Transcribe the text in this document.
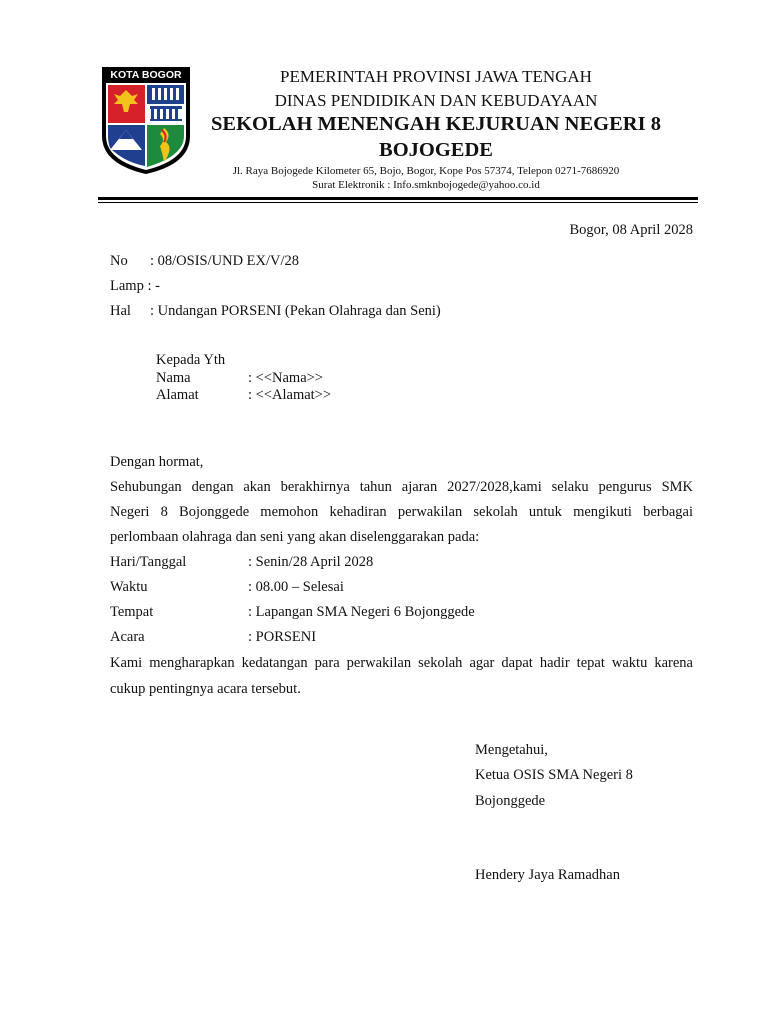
KOTA BOGOR	PEMERINTAH PROVINSI JAWA TENGAH
DINAS PENDIDIKAN DAN KEBUDAYAAN
SEKOLAH MENENGAH KEJURUAN NEGERI 8
BOJOGEDE
Jl. Raya Bojogede Kilometer 65, Bojo, Bogor, Kope Pos 57374, Telepon 0271-7686920
Surat Elektronik : Info.smknbojogede@yahoo.co.id
Bogor, 08 April 2028
No : 08/OSIS/UND EX/V/28
Lamp : -
Hal : Undangan PORSENI (Pekan Olahraga dan Seni)
Kepada Yth
Nama	: <<Nama>>
Alamat	: <<Alamat>>
Dengan hormat,
Sehubungan dengan akan berakhirnya tahun ajaran 2027/2028,kami selaku pengurus SMK
Negeri 8 Bojonggede memohon kehadiran perwakilan sekolah untuk mengikuti berbagai
perlombaan olahraga dan seni yang akan diselenggarakan pada:
Hari/Tanggal	: Senin/28 April 2028
Waktu	: 08.00 – Selesai
Tempat	: Lapangan SMA Negeri 6 Bojonggede
Acara	: PORSENI
Kami mengharapkan kedatangan para perwakilan sekolah agar dapat hadir tepat waktu karena
cukup pentingnya acara tersebut.
Mengetahui,
Ketua OSIS SMA Negeri 8
Bojonggede
Hendery Jaya Ramadhan
